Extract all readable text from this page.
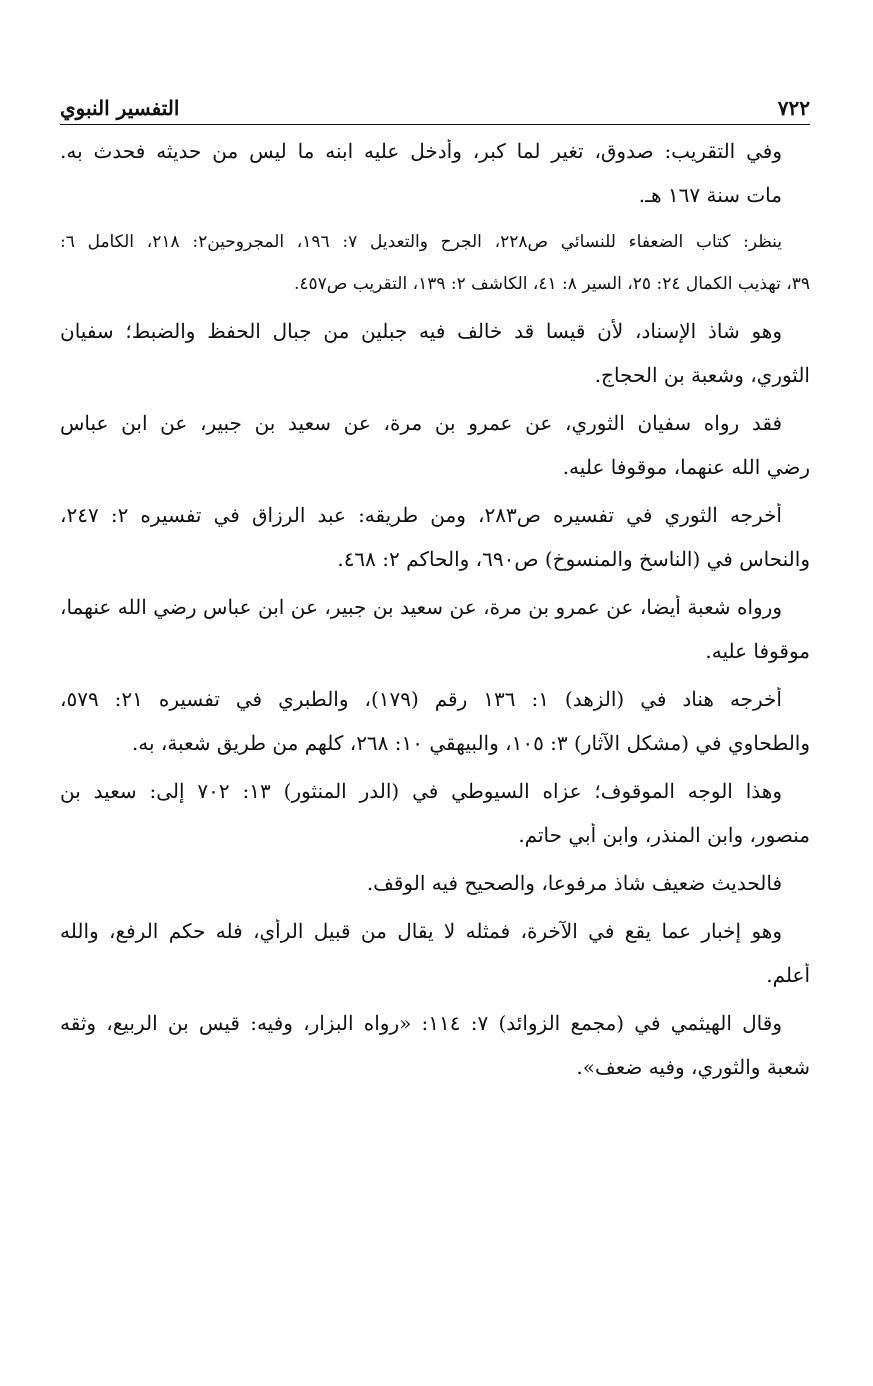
٧٢٢
التفسير النبوي
وفي التقريب: صدوق، تغير لما كبر، وأدخل عليه ابنه ما ليس من حديثه فحدث به.
مات سنة ١٦٧ هـ.
ينظر: كتاب الضعفاء للنسائي ص٢٢٨، الجرح والتعديل ٧: ١٩٦، المجروحين٢: ٢١٨، الكامل ٦:
٣٩، تهذيب الكمال ٢٤: ٢٥، السير ٨: ٤١، الكاشف ٢: ١٣٩، التقريب ص٤٥٧.
وهو شاذ الإسناد، لأن قيسا قد خالف فيه جبلين من جبال الحفظ والضبط؛ سفيان
الثوري، وشعبة بن الحجاج.
فقد رواه سفيان الثوري، عن عمرو بن مرة، عن سعيد بن جبير، عن ابن عباس
رضي الله عنهما، موقوفا عليه.
أخرجه الثوري في تفسيره ص٢٨٣، ومن طريقه: عبد الرزاق في تفسيره ٢: ٢٤٧،
والنحاس في (الناسخ والمنسوخ) ص٦٩٠، والحاكم ٢: ٤٦٨.
ورواه شعبة أيضا، عن عمرو بن مرة، عن سعيد بن جبير، عن ابن عباس رضي الله عنهما،
موقوفا عليه.
أخرجه هناد في (الزهد) ١: ١٣٦ رقم (١٧٩)، والطبري في تفسيره ٢١: ٥٧٩،
والطحاوي في (مشكل الآثار) ٣: ١٠٥، والبيهقي ١٠: ٢٦٨، كلهم من طريق شعبة، به.
وهذا الوجه الموقوف؛ عزاه السيوطي في (الدر المنثور) ١٣: ٧٠٢ إلى: سعيد بن
منصور، وابن المنذر، وابن أبي حاتم.
فالحديث ضعيف شاذ مرفوعا، والصحيح فيه الوقف.
وهو إخبار عما يقع في الآخرة، فمثله لا يقال من قبيل الرأي، فله حكم الرفع، والله
أعلم.
وقال الهيثمي في (مجمع الزوائد) ٧: ١١٤: «رواه البزار، وفيه: قيس بن الربيع، وثقه
شعبة والثوري، وفيه ضعف».
